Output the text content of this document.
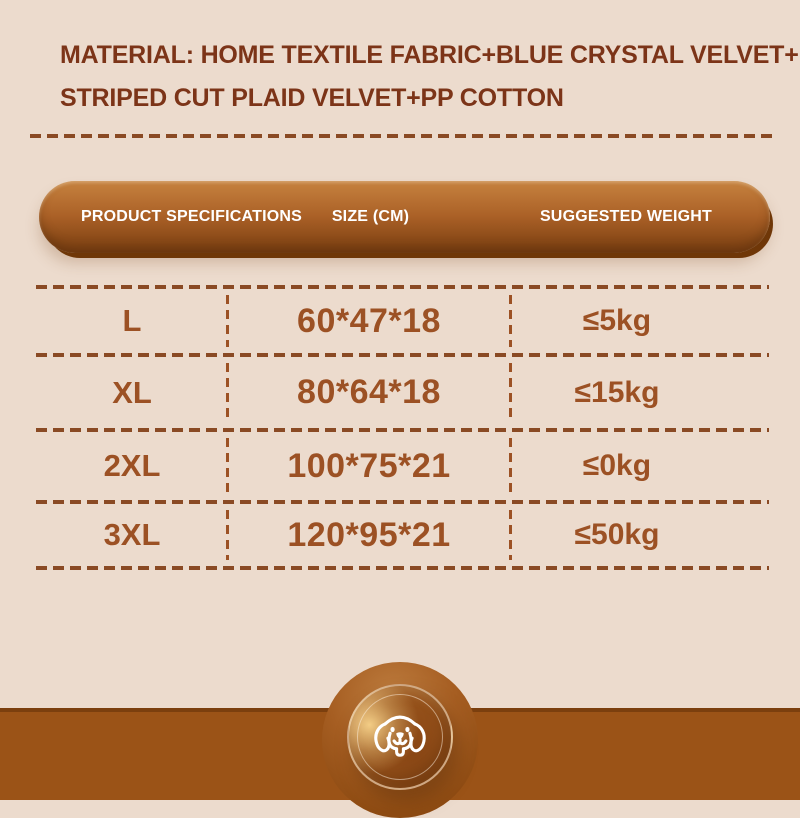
MATERIAL: HOME TEXTILE FABRIC+BLUE CRYSTAL VELVET+
STRIPED CUT PLAID VELVET+PP COTTON
PRODUCT SPECIFICATIONS	SIZE (CM)	SUGGESTED WEIGHT
L	60*47*18	≤5kg
XL	80*64*18	≤15kg
2XL	100*75*21	≤0kg
3XL	120*95*21	≤50kg
